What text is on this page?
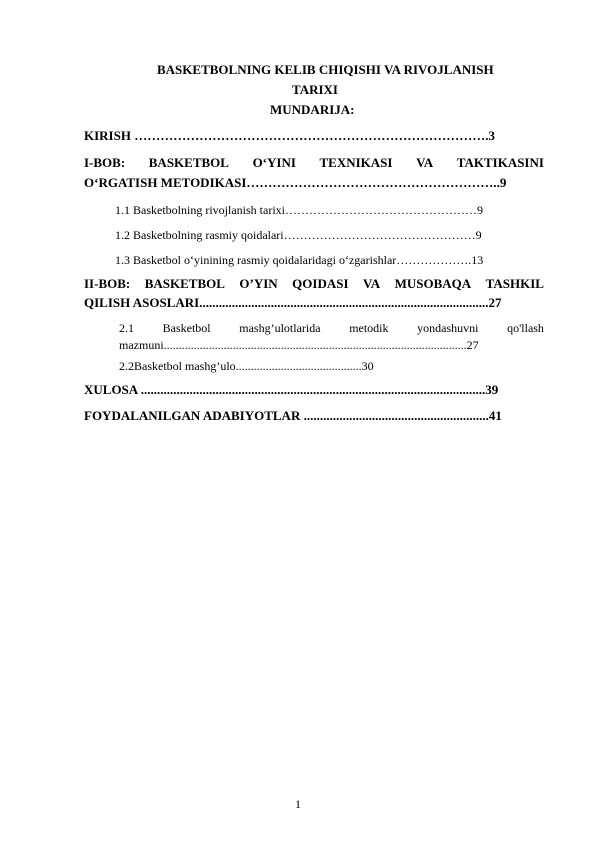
BASKETBOLNING KELIB CHIQISHI VA RIVOJLANISH
TARIXI
MUNDARIJA:
KIRISH ……………………………………………………………………….3
I-BOB: BASKETBOL O‘YINI TEXNIKASI VA TAKTIKASINI
O‘RGATISH METODIKASI…………………………………………………..9
1.1 Basketbolning rivojlanish tarixi…………………………………………9
1.2 Basketbolning rasmiy qoidalari…………………………………………9
1.3 Basketbol o‘yinining rasmiy qoidalaridagi o‘zgarishlar……………….13
II-BOB: BASKETBOL O’YIN QOIDASI VA MUSOBAQA TASHKIL
QILISH ASOSLARI.........................................................................................27
2.1 Basketbol mashg’ulotlarida metodik yondashuvni qo'llash
mazmuni.....................................................................................................27
2.2Basketbol mashg’ulo..........................................30
XULOSA ..........................................................................................................39
FOYDALANILGAN ADABIYOTLAR .........................................................41
1
